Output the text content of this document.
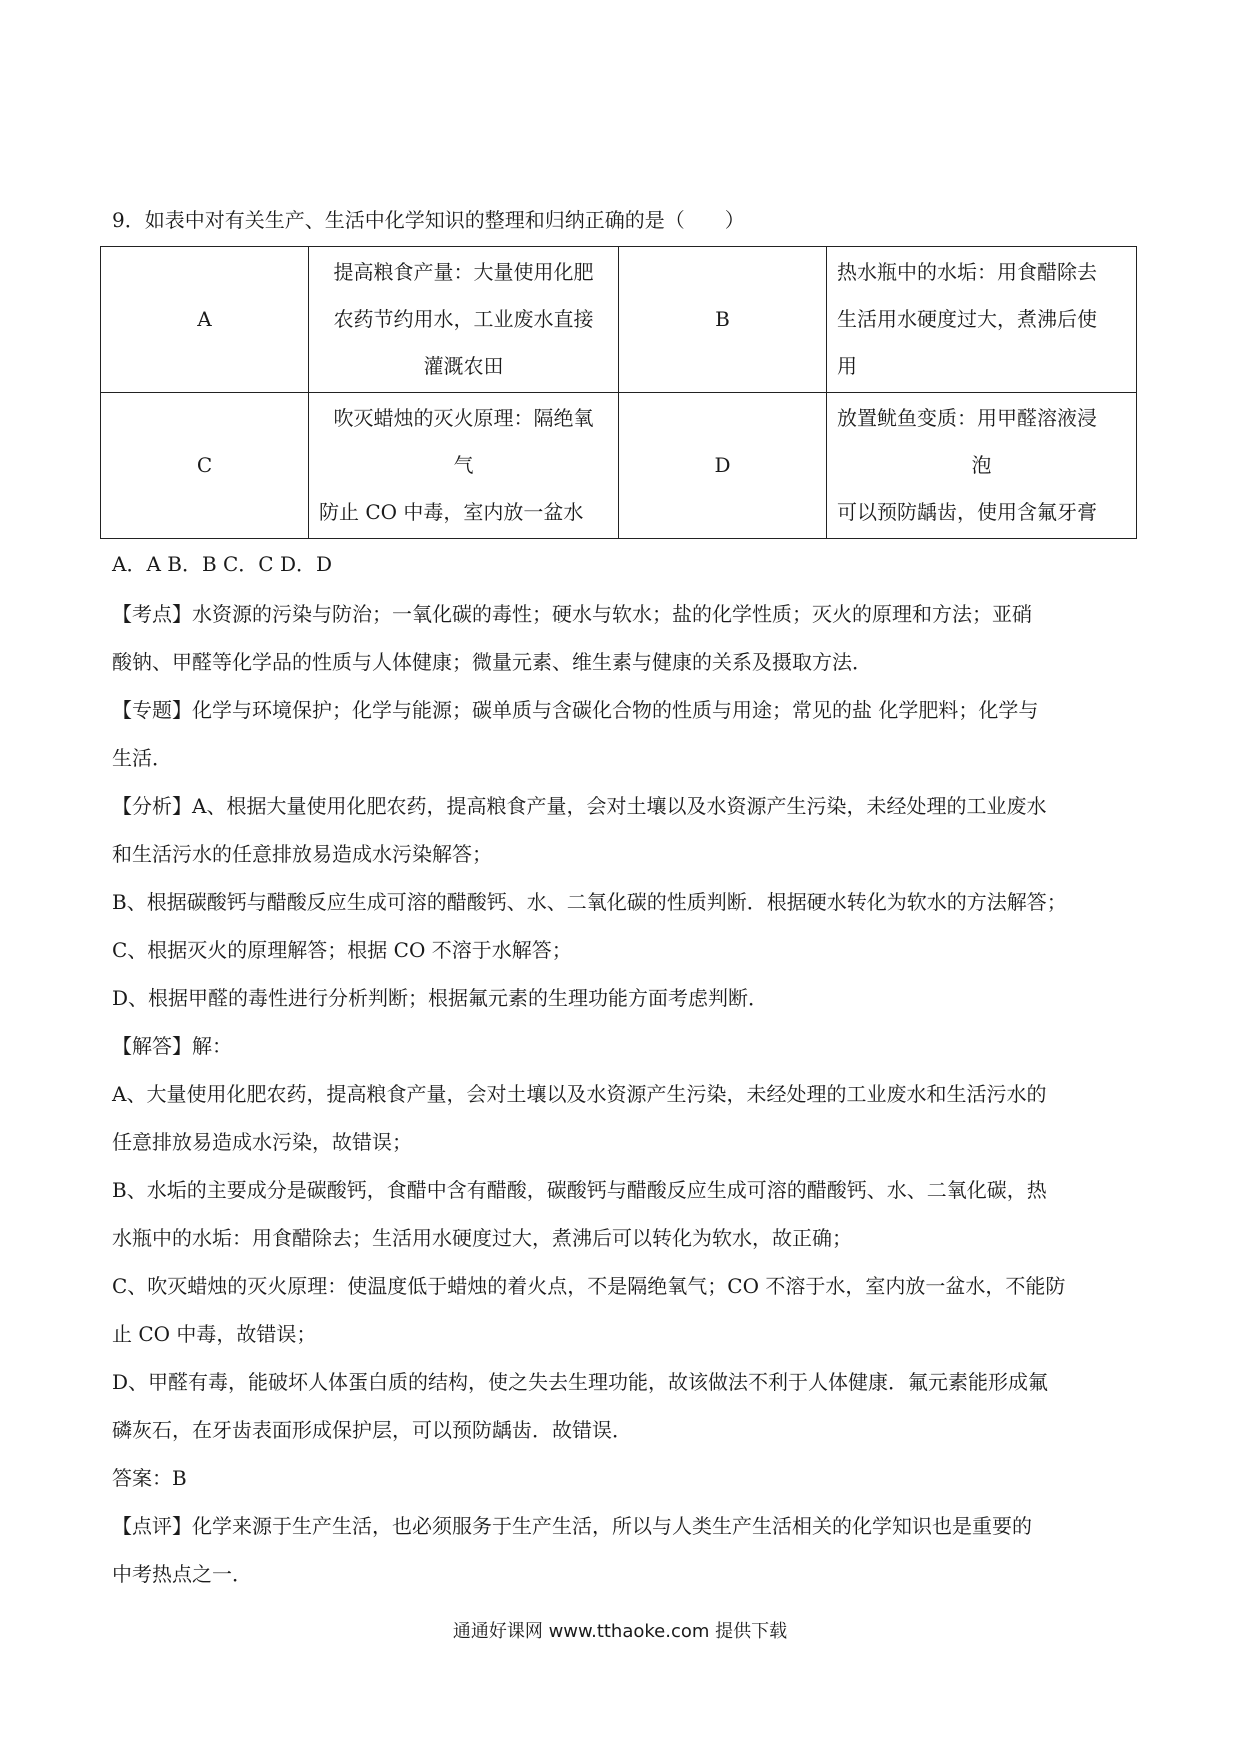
9．如表中对有关生产、生活中化学知识的整理和归纳正确的是（　　）
A	提高粮食产量：大量使用化肥
农药节约用水，工业废水直接
灌溉农田	B	热水瓶中的水垢：用食醋除去
生活用水硬度过大，煮沸后使
用

C	吹灭蜡烛的灭火原理：隔绝氧
气
防止 CO 中毒，室内放一盆水	D	放置鱿鱼变质：用甲醛溶液浸
泡
可以预防龋齿，使用含氟牙膏
A．A B．B C．C D．D
【考点】水资源的污染与防治；一氧化碳的毒性；硬水与软水；盐的化学性质；灭火的原理和方法；亚硝
酸钠、甲醛等化学品的性质与人体健康；微量元素、维生素与健康的关系及摄取方法．
【专题】化学与环境保护；化学与能源；碳单质与含碳化合物的性质与用途；常见的盐 化学肥料；化学与
生活．
【分析】A、根据大量使用化肥农药，提高粮食产量，会对土壤以及水资源产生污染，未经处理的工业废水
和生活污水的任意排放易造成水污染解答；
B、根据碳酸钙与醋酸反应生成可溶的醋酸钙、水、二氧化碳的性质判断．根据硬水转化为软水的方法解答；
C、根据灭火的原理解答；根据 CO 不溶于水解答；
D、根据甲醛的毒性进行分析判断；根据氟元素的生理功能方面考虑判断．
【解答】解：
A、大量使用化肥农药，提高粮食产量，会对土壤以及水资源产生污染，未经处理的工业废水和生活污水的
任意排放易造成水污染，故错误；
B、水垢的主要成分是碳酸钙，食醋中含有醋酸，碳酸钙与醋酸反应生成可溶的醋酸钙、水、二氧化碳，热
水瓶中的水垢：用食醋除去；生活用水硬度过大，煮沸后可以转化为软水，故正确；
C、吹灭蜡烛的灭火原理：使温度低于蜡烛的着火点，不是隔绝氧气；CO 不溶于水，室内放一盆水，不能防
止 CO 中毒，故错误；
D、甲醛有毒，能破坏人体蛋白质的结构，使之失去生理功能，故该做法不利于人体健康．氟元素能形成氟
磷灰石，在牙齿表面形成保护层，可以预防龋齿．故错误．
答案：B
【点评】化学来源于生产生活，也必须服务于生产生活，所以与人类生产生活相关的化学知识也是重要的
中考热点之一．
通通好课网 www.tthaoke.com 提供下载
